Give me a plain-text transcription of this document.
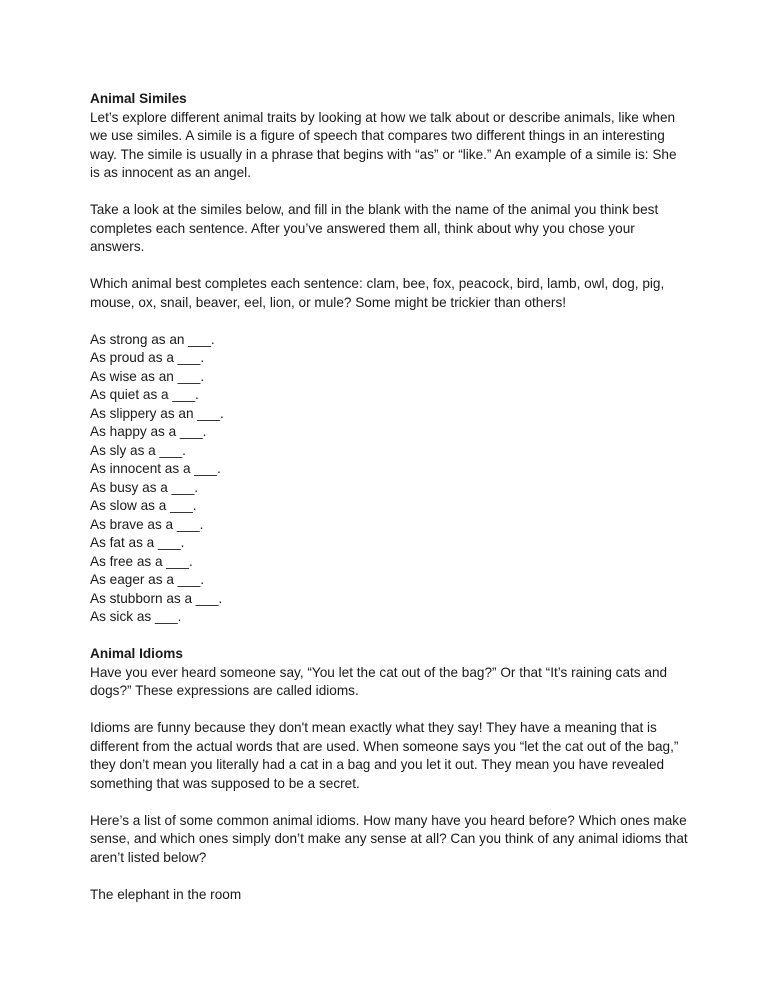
Animal Similes

Let’s explore different animal traits by looking at how we talk about or describe animals, like when we use similes. A simile is a figure of speech that compares two different things in an interesting way. The simile is usually in a phrase that begins with “as” or “like.” An example of a simile is: She is as innocent as an angel.

Take a look at the similes below, and fill in the blank with the name of the animal you think best completes each sentence. After you’ve answered them all, think about why you chose your answers.

Which animal best completes each sentence: clam, bee, fox, peacock, bird, lamb, owl, dog, pig, mouse, ox, snail, beaver, eel, lion, or mule? Some might be trickier than others!

As strong as an ___.
As proud as a ___.
As wise as an ___.
As quiet as a ___.
As slippery as an ___.
As happy as a ___.
As sly as a ___.
As innocent as a ___.
As busy as a ___.
As slow as a ___.
As brave as a ___.
As fat as a ___.
As free as a ___.
As eager as a ___.
As stubborn as a ___.
As sick as ___.

Animal Idioms

Have you ever heard someone say, “You let the cat out of the bag?” Or that “It’s raining cats and dogs?” These expressions are called idioms.

Idioms are funny because they don't mean exactly what they say! They have a meaning that is different from the actual words that are used. When someone says you “let the cat out of the bag,” they don’t mean you literally had a cat in a bag and you let it out. They mean you have revealed something that was supposed to be a secret.

Here’s a list of some common animal idioms. How many have you heard before? Which ones make sense, and which ones simply don’t make any sense at all? Can you think of any animal idioms that aren’t listed below?

The elephant in the room
